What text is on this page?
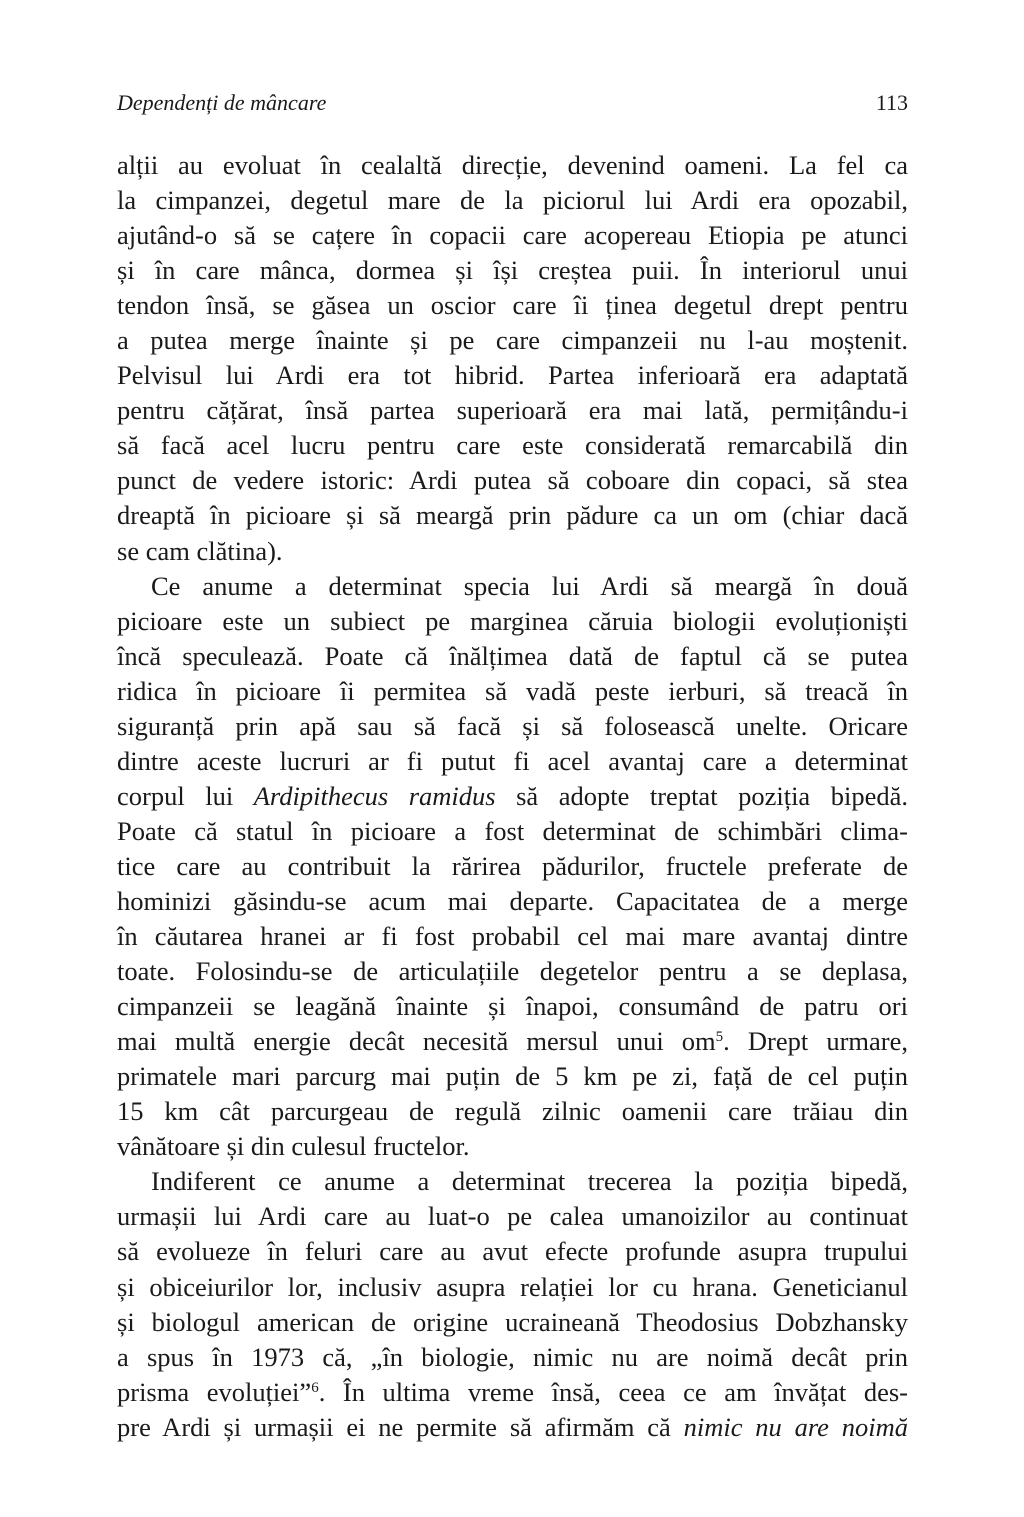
Dependenți de mâncare	113
alții au evoluat în cealaltă direcție, devenind oameni. La fel ca
la cimpanzei, degetul mare de la piciorul lui Ardi era opozabil,
ajutând-o să se cațere în copacii care acopereau Etiopia pe atunci
și în care mânca, dormea și își creștea puii. În interiorul unui
tendon însă, se găsea un oscior care îi ținea degetul drept pentru
a putea merge înainte și pe care cimpanzeii nu l-au moștenit.
Pelvisul lui Ardi era tot hibrid. Partea inferioară era adaptată
pentru cățărat, însă partea superioară era mai lată, permițându-i
să facă acel lucru pentru care este considerată remarcabilă din
punct de vedere istoric: Ardi putea să coboare din copaci, să stea
dreaptă în picioare și să meargă prin pădure ca un om (chiar dacă
se cam clătina).
Ce anume a determinat specia lui Ardi să meargă în două
picioare este un subiect pe marginea căruia biologii evoluționiști
încă speculează. Poate că înălțimea dată de faptul că se putea
ridica în picioare îi permitea să vadă peste ierburi, să treacă în
siguranță prin apă sau să facă și să folosească unelte. Oricare
dintre aceste lucruri ar fi putut fi acel avantaj care a determinat
corpul lui Ardipithecus ramidus să adopte treptat poziția bipedă.
Poate că statul în picioare a fost determinat de schimbări clima-
tice care au contribuit la rărirea pădurilor, fructele preferate de
hominizi găsindu-se acum mai departe. Capacitatea de a merge
în căutarea hranei ar fi fost probabil cel mai mare avantaj dintre
toate. Folosindu-se de articulațiile degetelor pentru a se deplasa,
cimpanzeii se leagănă înainte și înapoi, consumând de patru ori
mai multă energie decât necesită mersul unui $om^5$. Drept urmare,
primatele mari parcurg mai puțin de 5 km pe zi, față de cel puțin
15 km cât parcurgeau de regulă zilnic oamenii care trăiau din
vânătoare și din culesul fructelor.
Indiferent ce anume a determinat trecerea la poziția bipedă,
urmașii lui Ardi care au luat-o pe calea umanoizilor au continuat
să evolueze în feluri care au avut efecte profunde asupra trupului
și obiceiurilor lor, inclusiv asupra relației lor cu hrana. Geneticianul
și biologul american de origine ucraineană Theodosius Dobzhansky
a spus în 1973 că, „în biologie, nimic nu are noimă decât prin
prisma evoluției”$^6$. În ultima vreme însă, ceea ce am învățat des-
pre Ardi și urmașii ei ne permite să afirmăm că nimic nu are noimă
